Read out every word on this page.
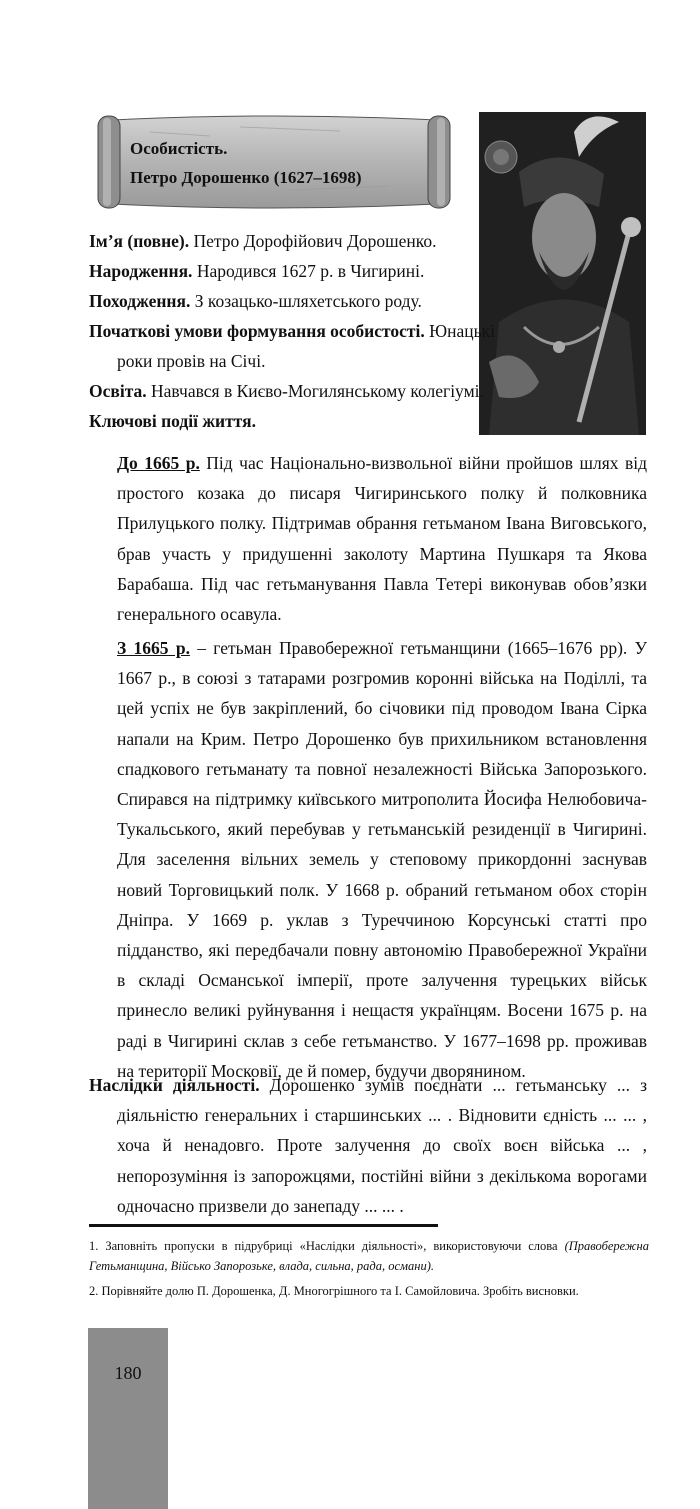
Особистість.
Петро Дорошенко (1627–1698)
Ім’я (повне). Петро Дорофійович Дорошенко.
Народження. Народився 1627 р. в Чигирині.
Походження. З козацько-шляхетського роду.
Початкові умови формування особистості. Юнацькі
роки провів на Січі.
Освіта. Навчався в Києво-Могилянському колегіумі.
Ключові події життя.
До 1665 р. Під час Національно-визвольної війни пройшов шлях від простого козака до писаря Чигиринського полку й полковника Прилуцького полку. Підтримав обрання гетьманом Івана Виговського, брав участь у придушенні заколоту Мартина Пушкаря та Якова Барабаша. Під час гетьманування Павла Тетері виконував обов’язки генерального осавула.
З 1665 р. – гетьман Правобережної гетьманщини (1665–1676 рр). У 1667 р., в союзі з татарами розгромив коронні війська на Поділлі, та цей успіх не був закріплений, бо січовики під проводом Івана Сірка напали на Крим. Петро Дорошенко був прихильником встановлення спадкового гетьманату та повної незалежності Війська Запорозького. Спирався на підтримку київського митрополита Йосифа Нелюбовича-Тукальського, який перебував у гетьманській резиденції в Чигирині. Для заселення вільних земель у степовому прикордонні заснував новий Торговицький полк. У 1668 р. обраний гетьманом обох сторін Дніпра. У 1669 р. уклав з Туреччиною Корсунські статті про підданство, які передбачали повну автономію Правобережної України в складі Османської імперії, проте залучення турецьких військ принесло великі руйнування і нещастя українцям. Восени 1675 р. на раді в Чигирині склав з себе гетьманство. У 1677–1698 рр. проживав на території Московії, де й помер, будучи дворянином.
Наслідки діяльності. Дорошенко зумів поєднати ... гетьманську ... з діяльністю генеральних і старшинських ... . Відновити єдність ... ... , хоча й ненадовго. Проте залучення до своїх воєн війська ... , непорозуміння із запорожцями, постійні війни з декількома ворогами одночасно призвели до занепаду ... ... .
1. Заповніть пропуски в підрубриці «Наслідки діяльності», використовуючи слова (Правобережна Гетьманщина, Військо Запорозьке, влада, сильна, рада, османи).
2. Порівняйте долю П. Дорошенка, Д. Многогрішного та І. Самойловича. Зробіть висновки.
180
